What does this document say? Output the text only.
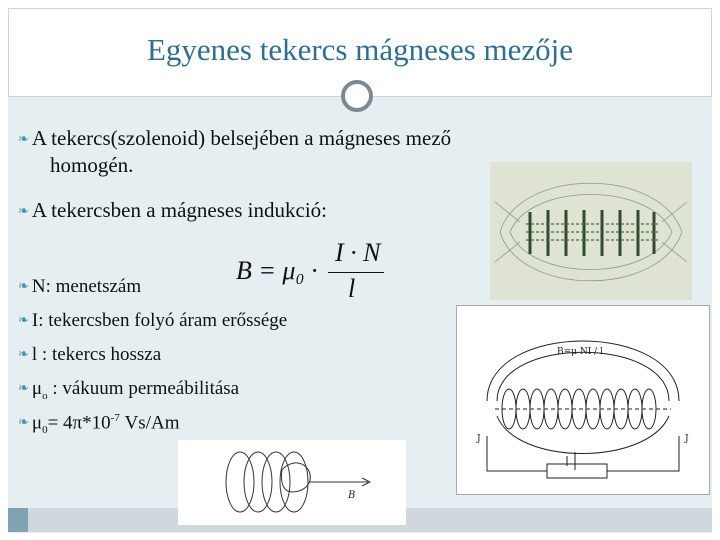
Egyenes tekercs mágneses mezője
❧ A tekercs(szolenoid) belsejében a mágneses mező
homogén.
❧ A tekercsben a mágneses indukció:
❧ N: menetszám
❧ I: tekercsben folyó áram erőssége
❧ l : tekercs hossza
❧ $\mu_o$ : vákuum permeábilitása
❧ $\mu_0= 4\pi*10^{-7}$ Vs/Am
B = μ₀ ·
I · N
l
B=μ NI / l
J	J
B
